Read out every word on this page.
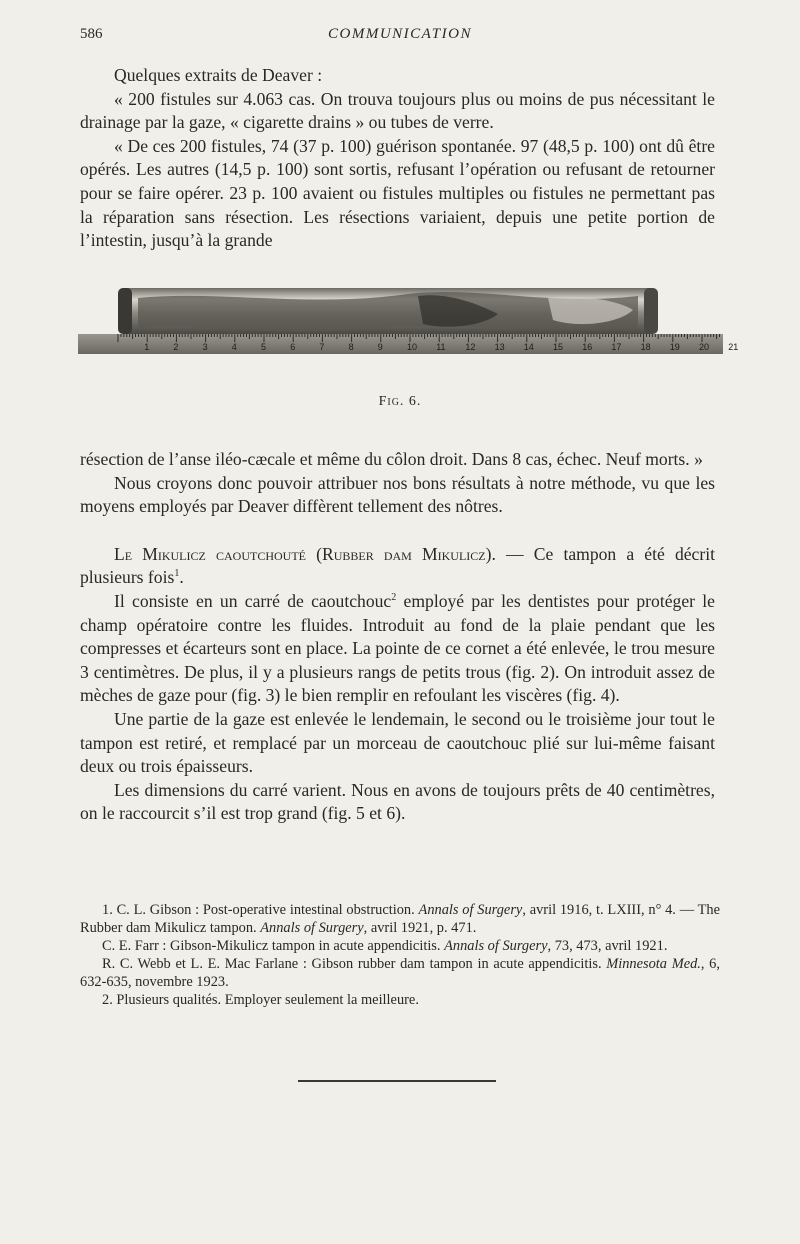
586	COMMUNICATION

Quelques extraits de Deaver :

« 200 fistules sur 4.063 cas. On trouva toujours plus ou moins de pus nécessitant le drainage par la gaze, « cigarette drains » ou tubes de verre.

« De ces 200 fistules, 74 (37 p. 100) guérison spontanée. 97 (48,5 p. 100) ont dû être opérés. Les autres (14,5 p. 100) sont sortis, refusant l’opération ou refusant de retourner pour se faire opérer. 23 p. 100 avaient ou fistules multiples ou fistules ne permettant pas la réparation sans résection. Les résections variaient, depuis une petite portion de l’intestin, jusqu’à la grande

1	2	3	4	5	6	7	8	9	10 11 12 13 14 15 16 17 18 19 20 21
Fig. 6.

résection de l’anse iléo-cæcale et même du côlon droit. Dans 8 cas, échec. Neuf morts. »

Nous croyons donc pouvoir attribuer nos bons résultats à notre méthode, vu que les moyens employés par Deaver diffèrent tellement des nôtres.

Le Mikulicz caoutchouté (Rubber dam Mikulicz). — Ce tampon a été décrit plusieurs fois$^1$.

Il consiste en un carré de caoutchouc$^2$ employé par les dentistes pour protéger le champ opératoire contre les fluides. Introduit au fond de la plaie pendant que les compresses et écarteurs sont en place. La pointe de ce cornet a été enlevée, le trou mesure 3 centimètres. De plus, il y a plusieurs rangs de petits trous (fig. 2). On introduit assez de mèches de gaze pour (fig. 3) le bien remplir en refoulant les viscères (fig. 4).

Une partie de la gaze est enlevée le lendemain, le second ou le troisième jour tout le tampon est retiré, et remplacé par un morceau de caoutchouc plié sur lui-même faisant deux ou trois épaisseurs.

Les dimensions du carré varient. Nous en avons de toujours prêts de 40 centimètres, on le raccourcit s’il est trop grand (fig. 5 et 6).

1. C. L. Gibson : Post-operative intestinal obstruction. Annals of Surgery, avril 1916, t. LXIII, n° 4. — The Rubber dam Mikulicz tampon. Annals of Surgery, avril 1921, p. 471.

C. E. Farr : Gibson-Mikulicz tampon in acute appendicitis. Annals of Surgery, 73, 473, avril 1921.

R. C. Webb et L. E. Mac Farlane : Gibson rubber dam tampon in acute appendicitis. Minnesota Med., 6, 632-635, novembre 1923.

2. Plusieurs qualités. Employer seulement la meilleure.
